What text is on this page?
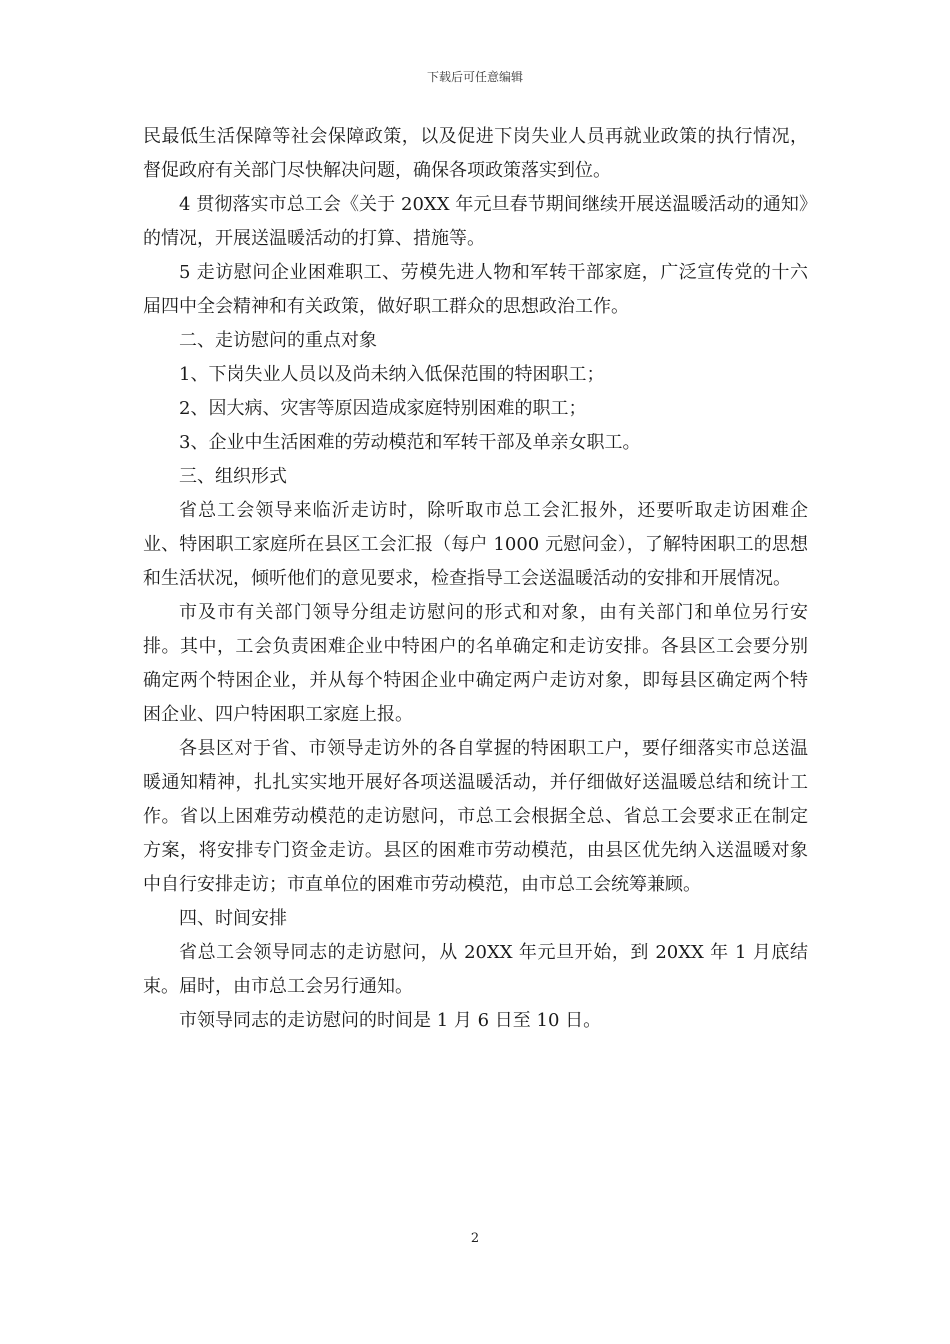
下载后可任意编辑

民最低生活保障等社会保障政策，以及促进下岗失业人员再就业政策的执行情况，督促政府有关部门尽快解决问题，确保各项政策落实到位。

4 贯彻落实市总工会《关于 20XX 年元旦春节期间继续开展送温暖活动的通知》的情况，开展送温暖活动的打算、措施等。

5 走访慰问企业困难职工、劳模先进人物和军转干部家庭，广泛宣传党的十六届四中全会精神和有关政策，做好职工群众的思想政治工作。

二、走访慰问的重点对象

1、下岗失业人员以及尚未纳入低保范围的特困职工；

2、因大病、灾害等原因造成家庭特别困难的职工；

3、企业中生活困难的劳动模范和军转干部及单亲女职工。

三、组织形式

省总工会领导来临沂走访时，除听取市总工会汇报外，还要听取走访困难企业、特困职工家庭所在县区工会汇报（每户 1000 元慰问金），了解特困职工的思想和生活状况，倾听他们的意见要求，检查指导工会送温暖活动的安排和开展情况。

市及市有关部门领导分组走访慰问的形式和对象，由有关部门和单位另行安排。其中，工会负责困难企业中特困户的名单确定和走访安排。各县区工会要分别确定两个特困企业，并从每个特困企业中确定两户走访对象，即每县区确定两个特困企业、四户特困职工家庭上报。

各县区对于省、市领导走访外的各自掌握的特困职工户，要仔细落实市总送温暖通知精神，扎扎实实地开展好各项送温暖活动，并仔细做好送温暖总结和统计工作。省以上困难劳动模范的走访慰问，市总工会根据全总、省总工会要求正在制定方案，将安排专门资金走访。县区的困难市劳动模范，由县区优先纳入送温暖对象中自行安排走访；市直单位的困难市劳动模范，由市总工会统筹兼顾。

四、时间安排

省总工会领导同志的走访慰问，从 20XX 年元旦开始，到 20XX 年 1 月底结束。届时，由市总工会另行通知。

市领导同志的走访慰问的时间是 1 月 6 日至 10 日。

2
